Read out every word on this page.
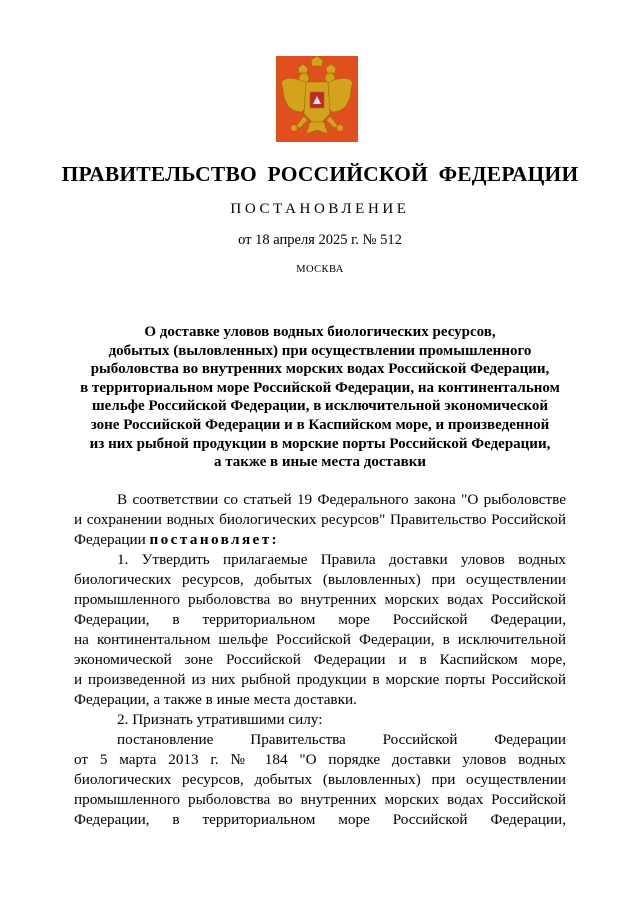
ПРАВИТЕЛЬСТВО РОССИЙСКОЙ ФЕДЕРАЦИИ
ПОСТАНОВЛЕНИЕ
от 18 апреля 2025 г. № 512
МОСКВА
О доставке уловов водных биологических ресурсов,
добытых (выловленных) при осуществлении промышленного
рыболовства во внутренних морских водах Российской Федерации,
в территориальном море Российской Федерации, на континентальном
шельфе Российской Федерации, в исключительной экономической
зоне Российской Федерации и в Каспийском море, и произведенной
из них рыбной продукции в морские порты Российской Федерации,
а также в иные места доставки
В соответствии со статьей 19 Федерального закона "О рыболовстве
и сохранении водных биологических ресурсов" Правительство Российской
Федерации постановляет:
1. Утвердить прилагаемые Правила доставки уловов водных
биологических ресурсов, добытых (выловленных) при осуществлении
промышленного рыболовства во внутренних морских водах Российской
Федерации, в территориальном море Российской Федерации,
на континентальном шельфе Российской Федерации, в исключительной
экономической зоне Российской Федерации и в Каспийском море,
и произведенной из них рыбной продукции в морские порты Российской
Федерации, а также в иные места доставки.
2. Признать утратившими силу:
постановление Правительства Российской Федерации
от 5 марта 2013 г. № 184 "О порядке доставки уловов водных
биологических ресурсов, добытых (выловленных) при осуществлении
промышленного рыболовства во внутренних морских водах Российской
Федерации, в территориальном море Российской Федерации,
